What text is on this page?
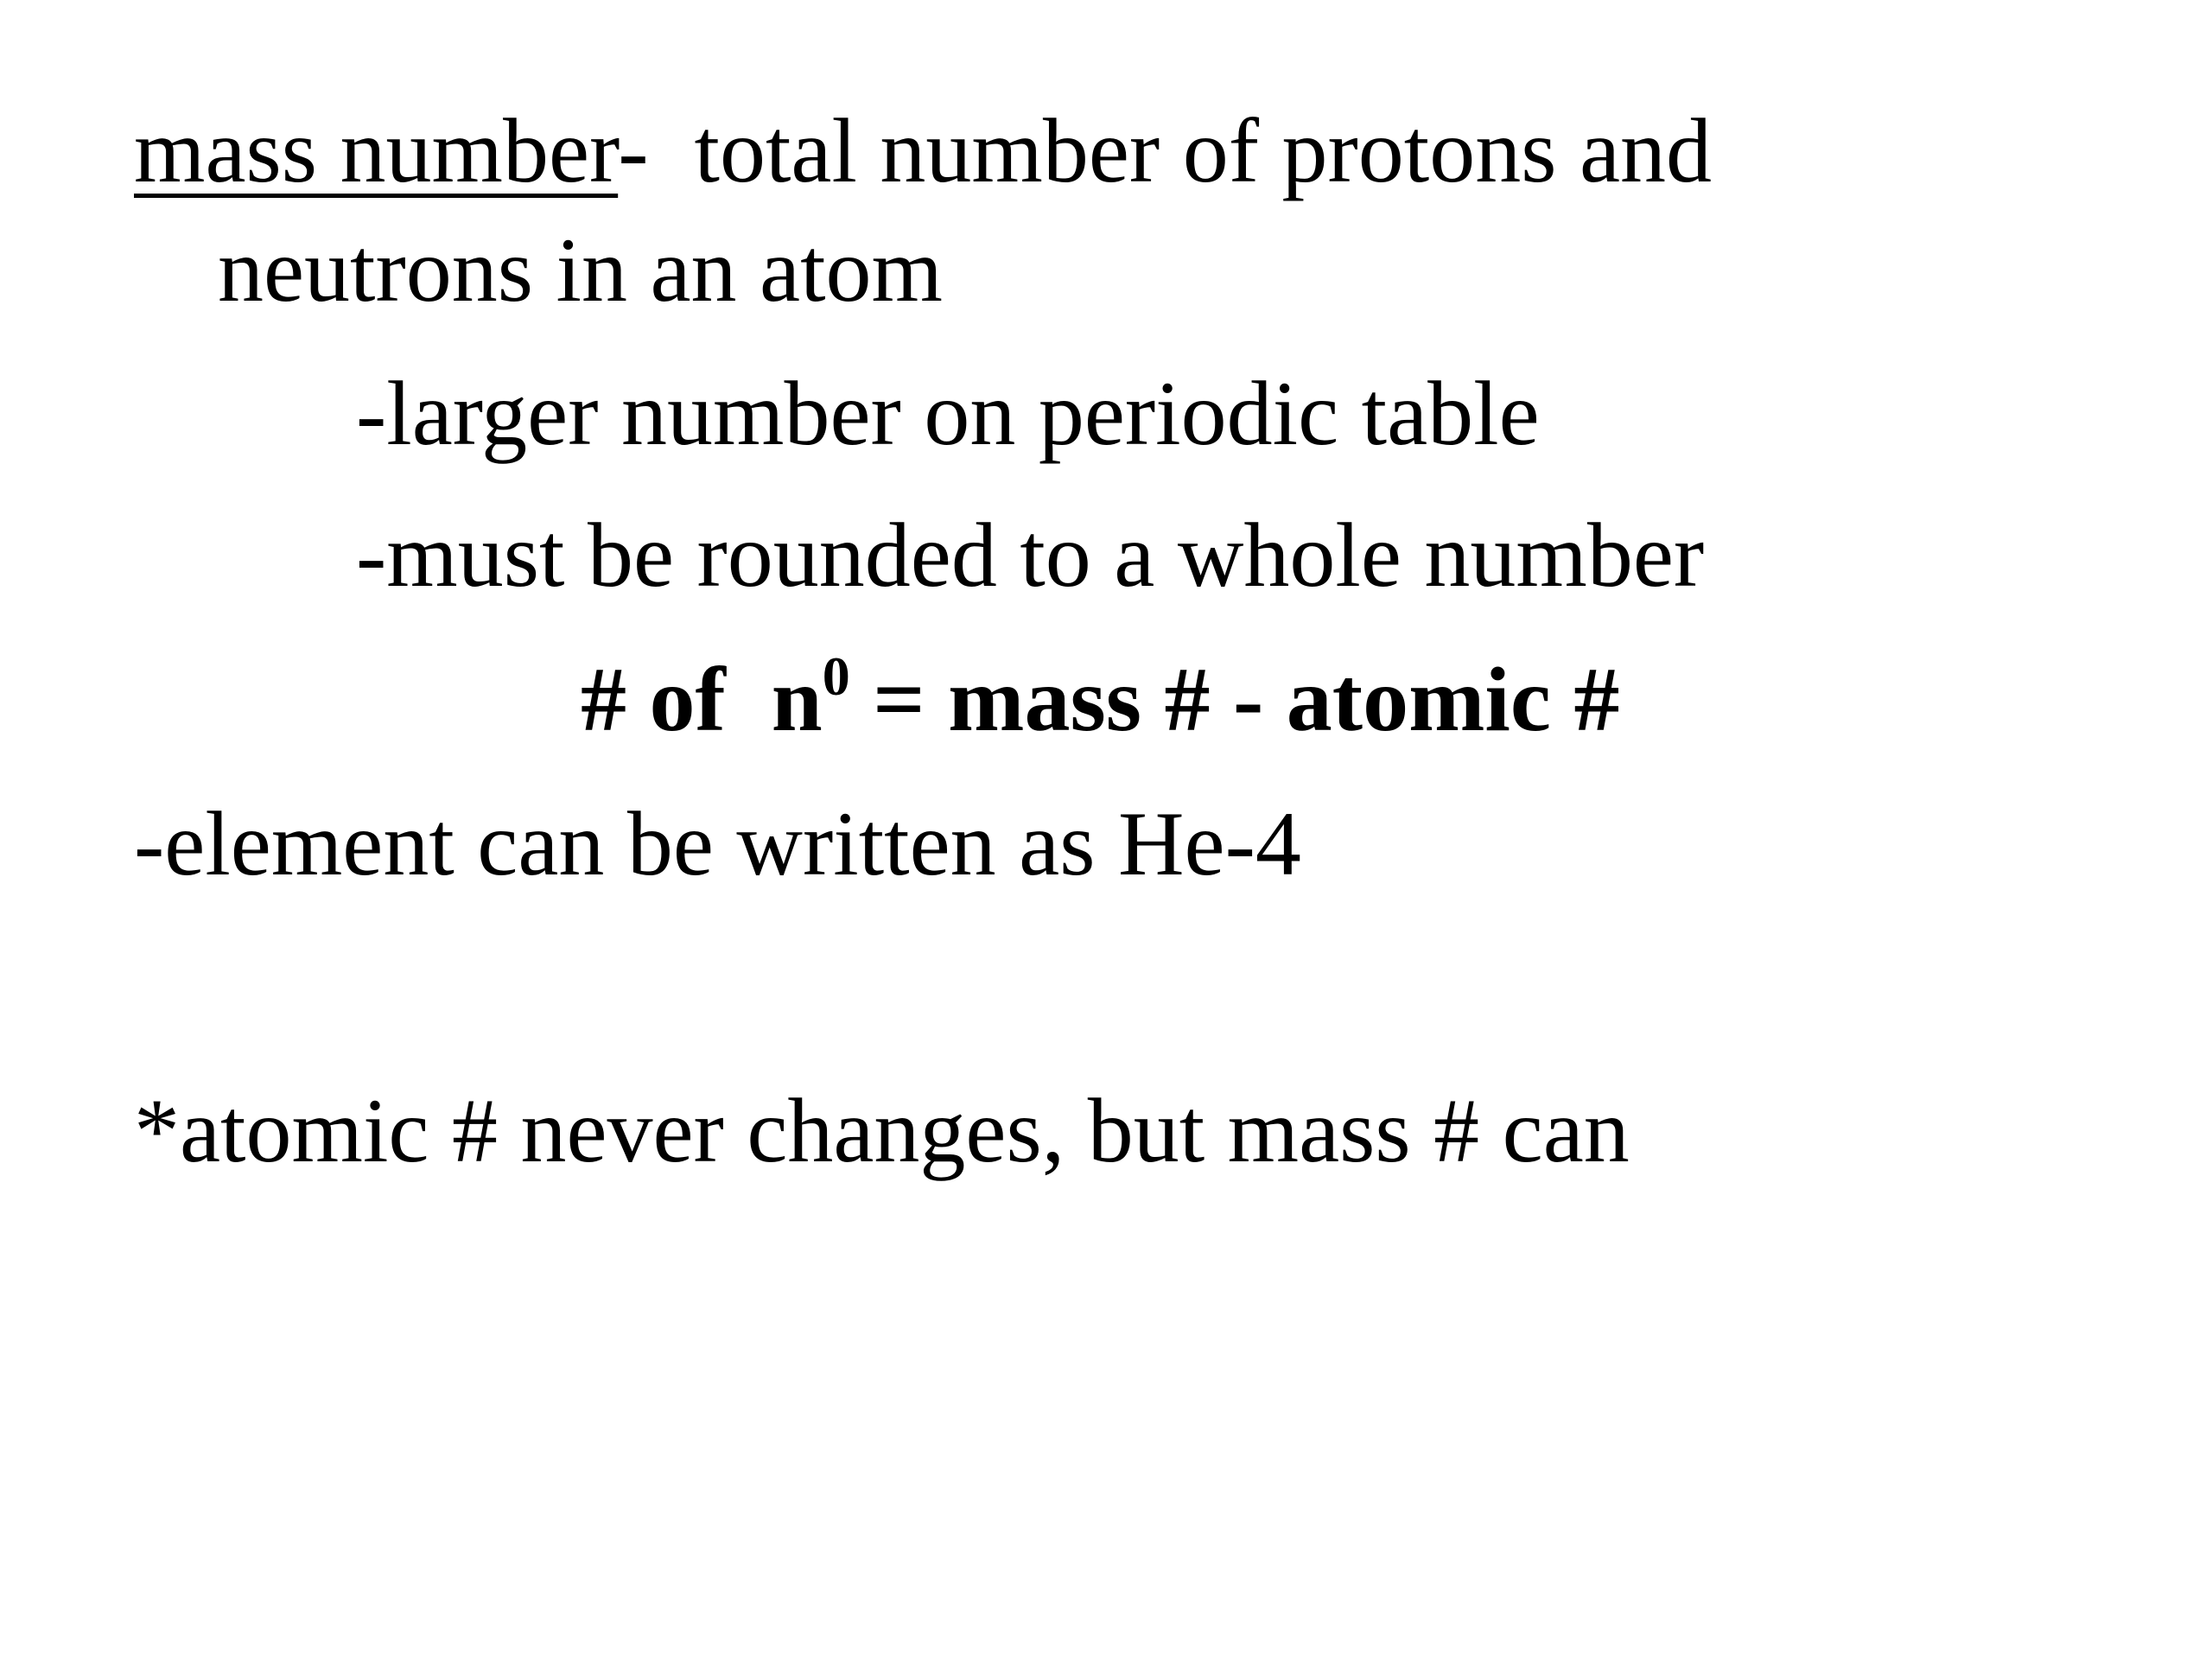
mass number-  total number of protons and
neutrons in an atom
-larger number on periodic table
-must be rounded to a whole number
# of  $n^0$ = mass # - atomic #
-element can be written as He-4
*atomic # never changes, but mass # can
